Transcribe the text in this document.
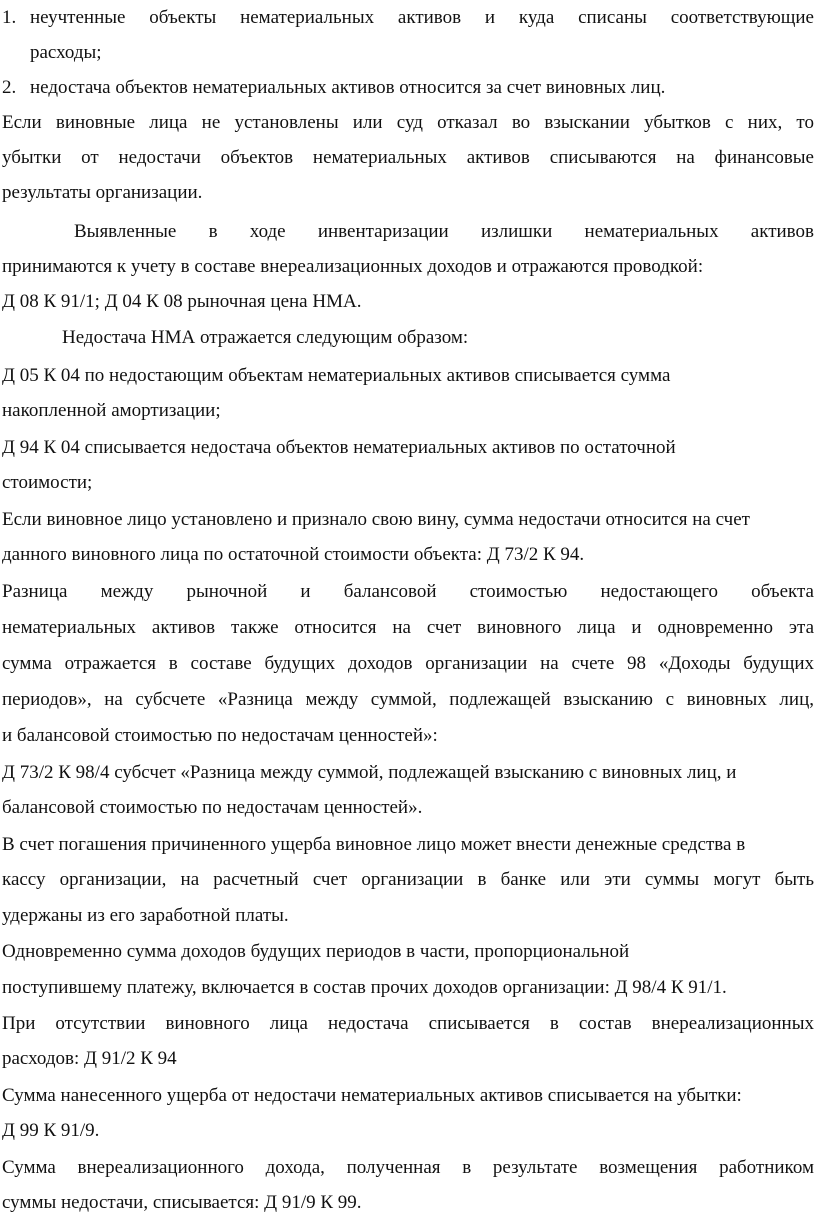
1. неучтенные объекты нематериальных активов и куда списаны соответствующие
расходы;
2. недостача объектов нематериальных активов относится за счет виновных лиц.
Если виновные лица не установлены или суд отказал во взыскании убытков с них, то
убытки от недостачи объектов нематериальных активов списываются на финансовые
результаты организации.
Выявленные в ходе инвентаризации излишки нематериальных активов
принимаются к учету в составе внереализационных доходов и отражаются проводкой:
Д 08 К 91/1; Д 04 К 08 рыночная цена НМА.
Недостача НМА отражается следующим образом:
Д 05 К 04 по недостающим объектам нематериальных активов списывается сумма
накопленной амортизации;
Д 94 К 04 списывается недостача объектов нематериальных активов по остаточной
стоимости;
Если виновное лицо установлено и признало свою вину, сумма недостачи относится на счет
данного виновного лица по остаточной стоимости объекта: Д 73/2 К 94.
Разница между рыночной и балансовой стоимостью недостающего объекта
нематериальных активов также относится на счет виновного лица и одновременно эта
сумма отражается в составе будущих доходов организации на счете 98 «Доходы будущих
периодов», на субсчете «Разница между суммой, подлежащей взысканию с виновных лиц,
и балансовой стоимостью по недостачам ценностей»:
Д 73/2 К 98/4 субсчет «Разница между суммой, подлежащей взысканию с виновных лиц, и
балансовой стоимостью по недостачам ценностей».
В счет погашения причиненного ущерба виновное лицо может внести денежные средства в
кассу организации, на расчетный счет организации в банке или эти суммы могут быть
удержаны из его заработной платы.
Одновременно сумма доходов будущих периодов в части, пропорциональной
поступившему платежу, включается в состав прочих доходов организации: Д 98/4 К 91/1.
При отсутствии виновного лица недостача списывается в состав внереализационных
расходов: Д 91/2 К 94
Сумма нанесенного ущерба от недостачи нематериальных активов списывается на убытки:
Д 99 К 91/9.
Сумма внереализационного дохода, полученная в результате возмещения работником
суммы недостачи, списывается: Д 91/9 К 99.
